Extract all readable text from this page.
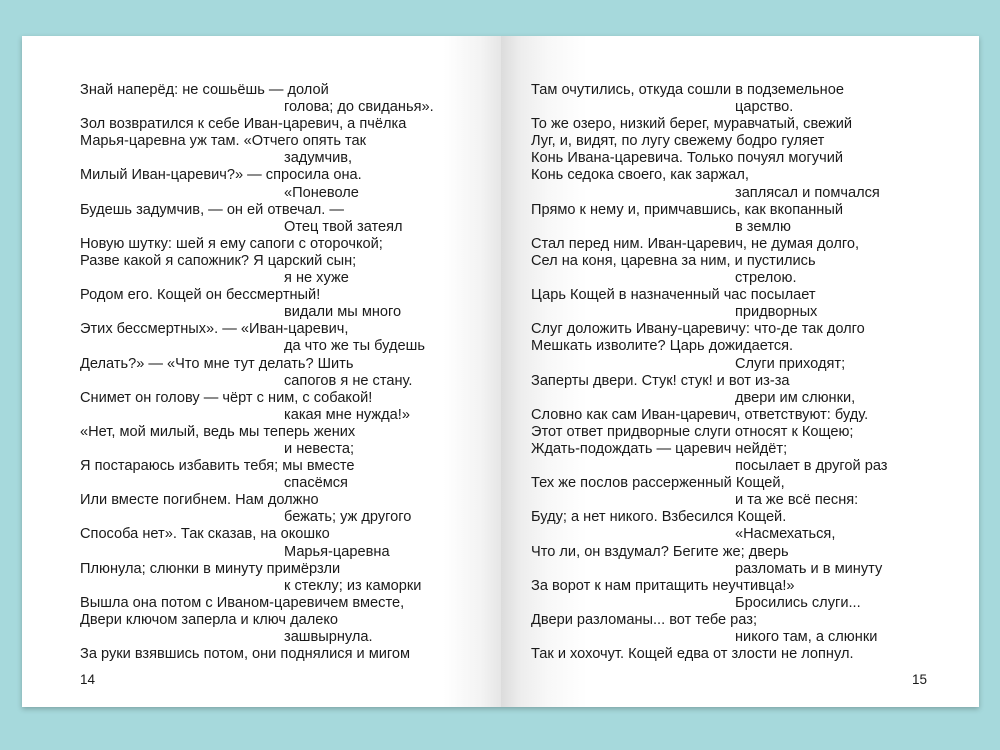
Знай наперёд: не сошьёшь — долой
голова; до свиданья».
Зол возвратился к себе Иван-царевич, а пчёлка
Марья-царевна уж там. «Отчего опять так
задумчив,
Милый Иван-царевич?» — спросила она.
«Поневоле
Будешь задумчив, — он ей отвечал. —
Отец твой затеял
Новую шутку: шей я ему сапоги с оторочкой;
Разве какой я сапожник? Я царский сын;
я не хуже
Родом его. Кощей он бессмертный!
видали мы много
Этих бессмертных». — «Иван-царевич,
да что же ты будешь
Делать?» — «Что мне тут делать? Шить
сапогов я не стану.
Снимет он голову — чёрт с ним, с собакой!
какая мне нужда!»
«Нет, мой милый, ведь мы теперь жених
и невеста;
Я постараюсь избавить тебя; мы вместе
спасёмся
Или вместе погибнем. Нам должно
бежать; уж другого
Способа нет». Так сказав, на окошко
Марья-царевна
Плюнула; слюнки в минуту примёрзли
к стеклу; из каморки
Вышла она потом с Иваном-царевичем вместе,
Двери ключом заперла и ключ далеко
зашвырнула.
За руки взявшись потом, они поднялися и мигом
14
Там очутились, откуда сошли в подземельное
царство.
То же озеро, низкий берег, муравчатый, свежий
Луг, и, видят, по лугу свежему бодро гуляет
Конь Ивана-царевича. Только почуял могучий
Конь седока своего, как заржал,
заплясал и помчался
Прямо к нему и, примчавшись, как вкопанный
в землю
Стал перед ним. Иван-царевич, не думая долго,
Сел на коня, царевна за ним, и пустились
стрелою.
Царь Кощей в назначенный час посылает
придворных
Слуг доложить Ивану-царевичу: что-де так долго
Мешкать изволите? Царь дожидается.
Слуги приходят;
Заперты двери. Стук! стук! и вот из-за
двери им слюнки,
Словно как сам Иван-царевич, ответствуют: буду.
Этот ответ придворные слуги относят к Кощею;
Ждать-подождать — царевич нейдёт;
посылает в другой раз
Тех же послов рассерженный Кощей,
и та же всё песня:
Буду; а нет никого. Взбесился Кощей.
«Насмехаться,
Что ли, он вздумал? Бегите же; дверь
разломать и в минуту
За ворот к нам притащить неучтивца!»
Бросились слуги...
Двери разломаны... вот тебе раз;
никого там, а слюнки
Так и хохочут. Кощей едва от злости не лопнул.
15
